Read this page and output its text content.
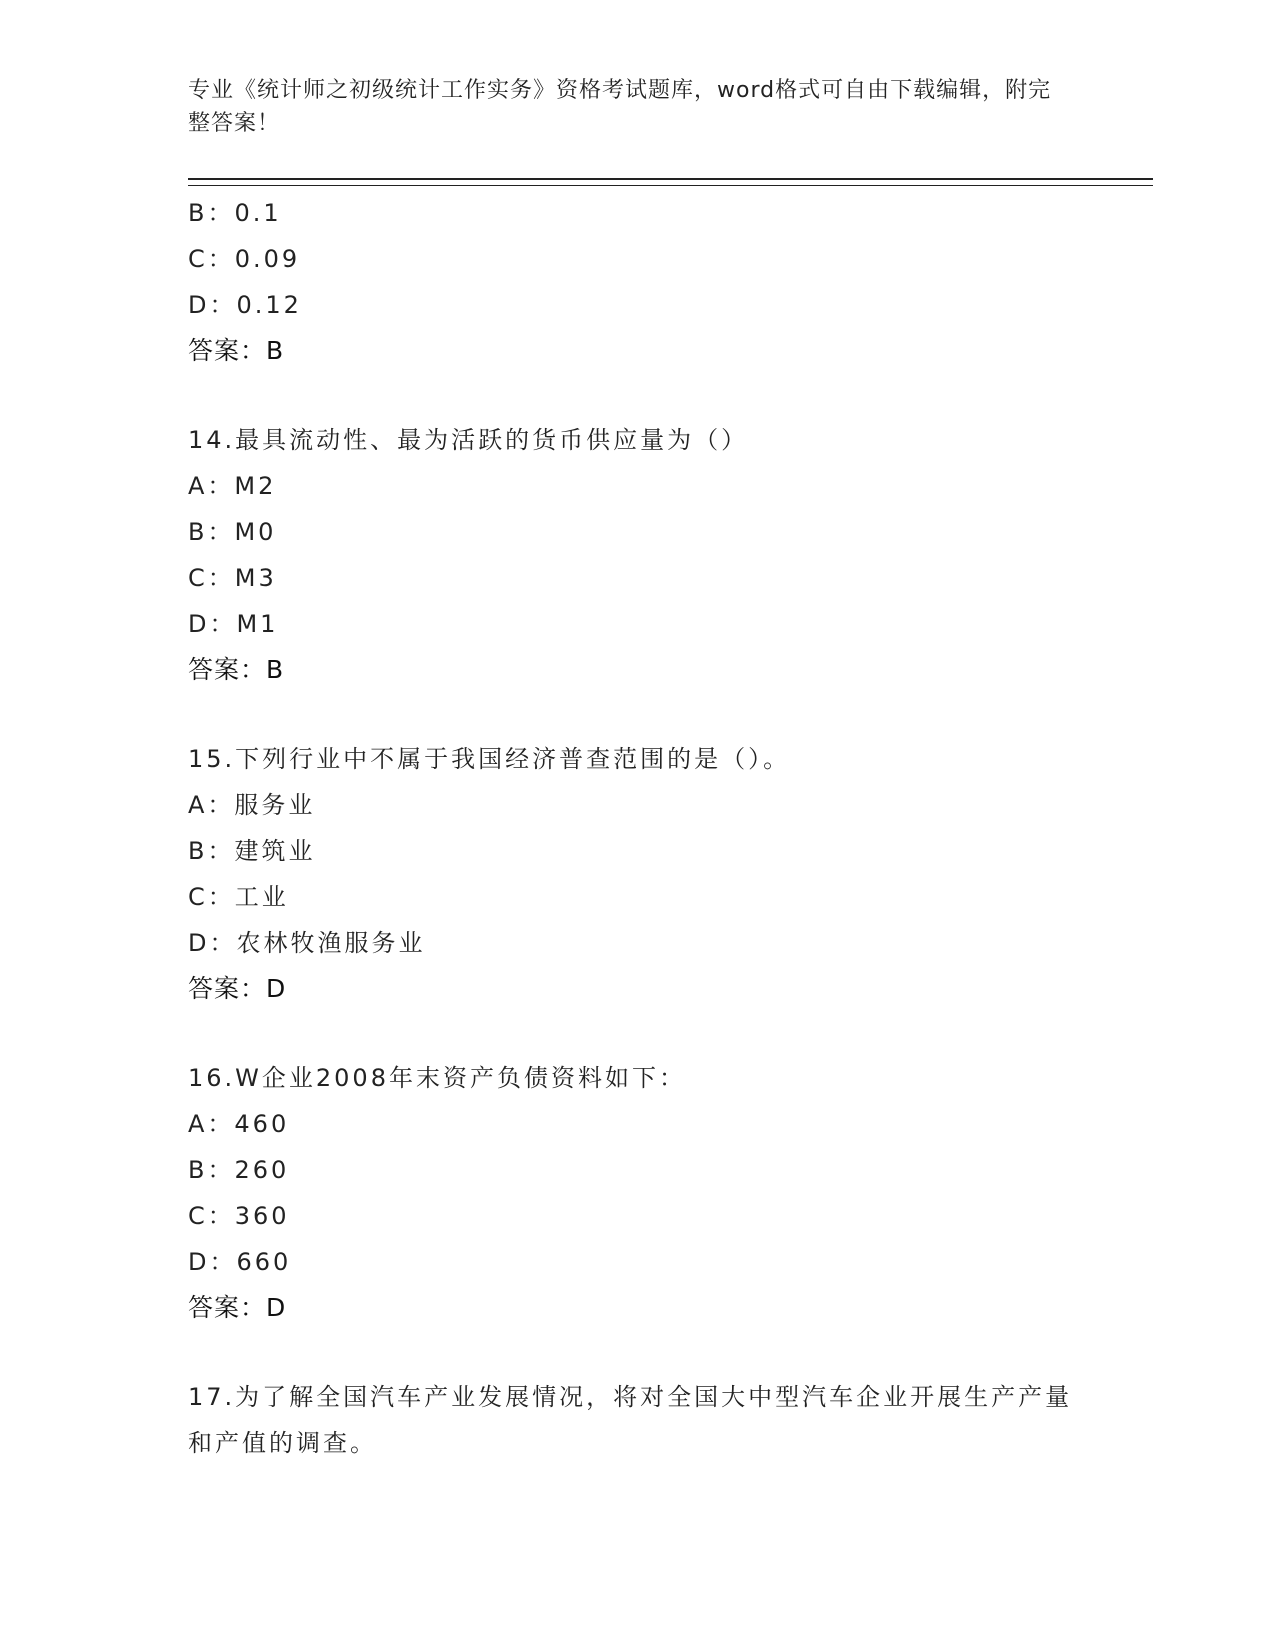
专业《统计师之初级统计工作实务》资格考试题库，word格式可自由下载编辑，附完整答案！
B：0.1
C：0.09
D：0.12
答案：B
14.最具流动性、最为活跃的货币供应量为（）
A：M2
B：M0
C：M3
D：M1
答案：B
15.下列行业中不属于我国经济普查范围的是（）。
A：服务业
B：建筑业
C：工业
D：农林牧渔服务业
答案：D
16.W企业2008年末资产负债资料如下：
A：460
B：260
C：360
D：660
答案：D
17.为了解全国汽车产业发展情况，将对全国大中型汽车企业开展生产产量和产值的调查。
